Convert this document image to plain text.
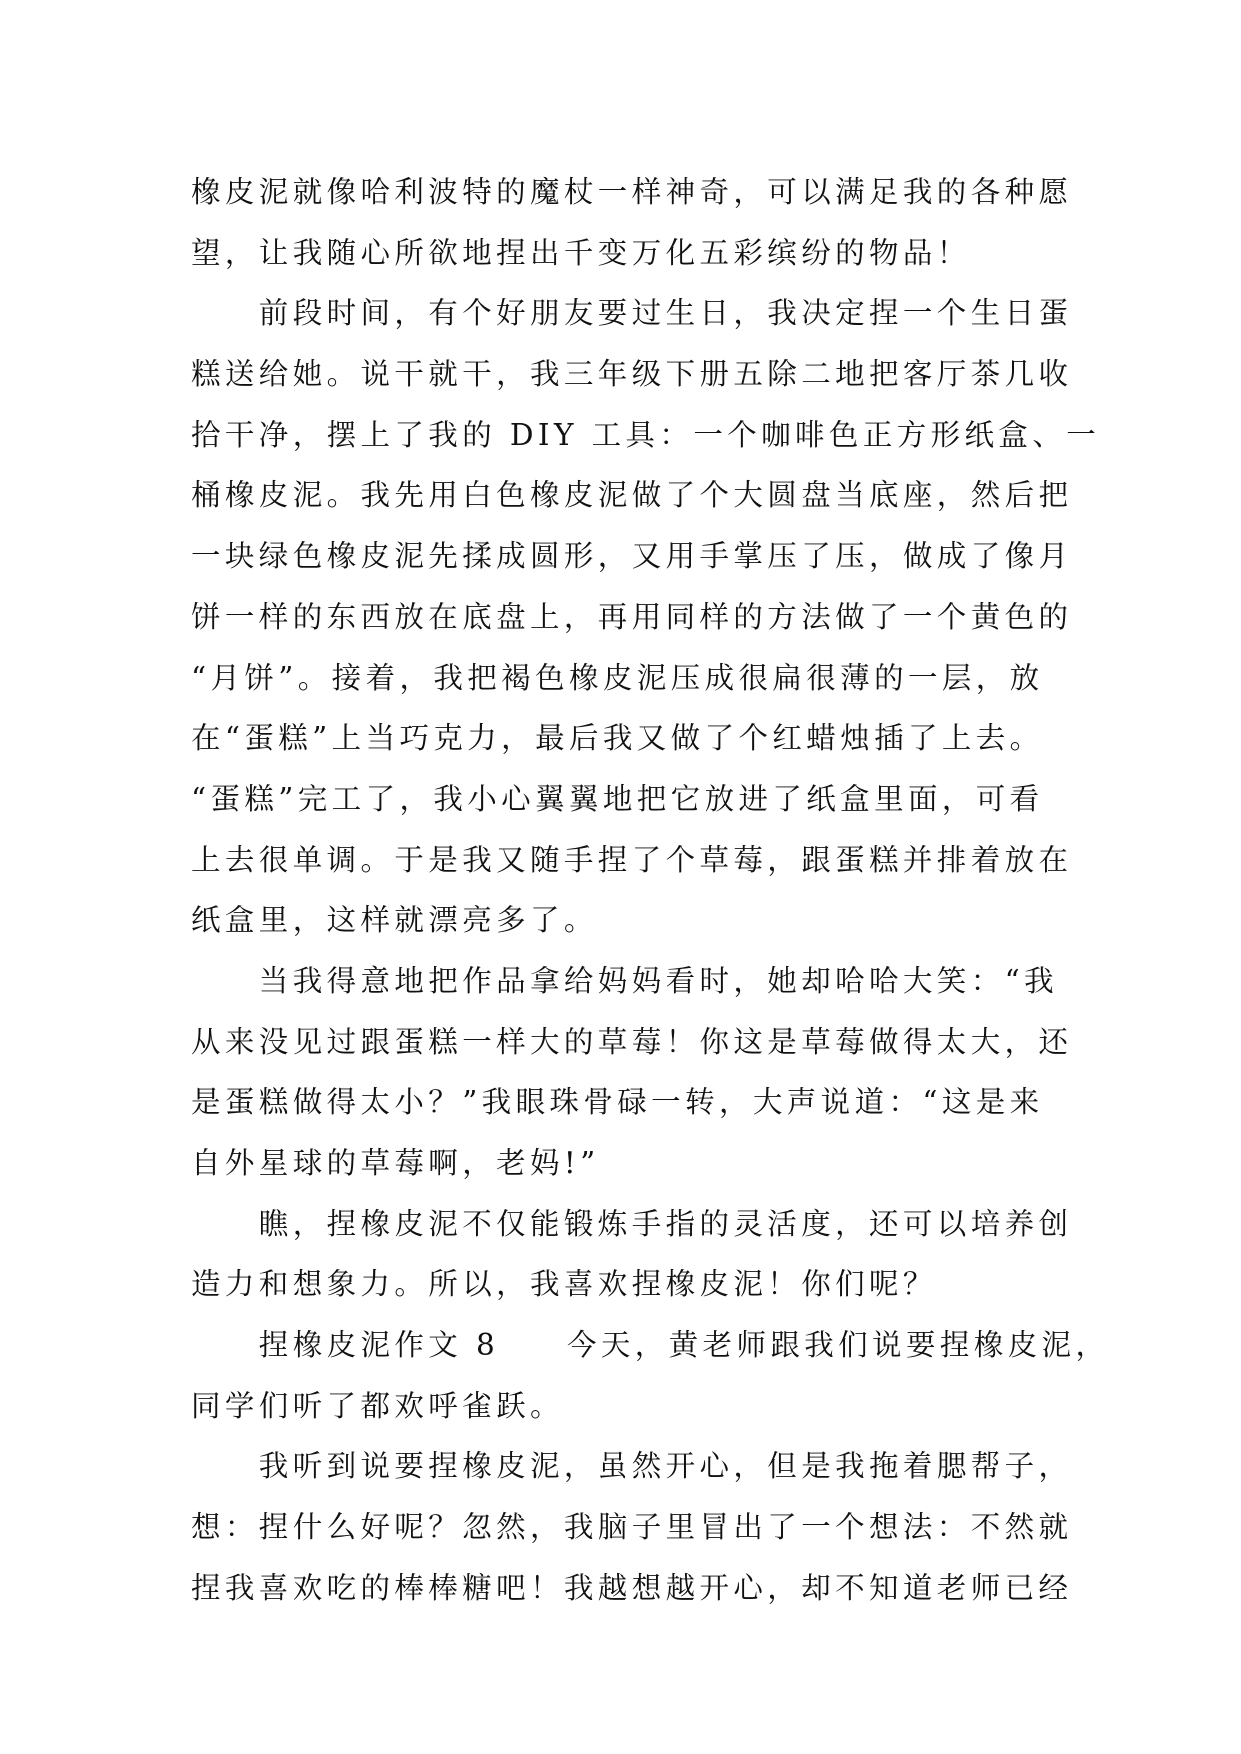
橡皮泥就像哈利波特的魔杖一样神奇，可以满足我的各种愿
望，让我随心所欲地捏出千变万化五彩缤纷的物品！
　　前段时间，有个好朋友要过生日，我决定捏一个生日蛋
糕送给她。说干就干，我三年级下册五除二地把客厅茶几收
拾干净，摆上了我的 DIY 工具：一个咖啡色正方形纸盒、一
桶橡皮泥。我先用白色橡皮泥做了个大圆盘当底座，然后把
一块绿色橡皮泥先揉成圆形，又用手掌压了压，做成了像月
饼一样的东西放在底盘上，再用同样的方法做了一个黄色的
“月饼”。接着，我把褐色橡皮泥压成很扁很薄的一层，放
在“蛋糕”上当巧克力，最后我又做了个红蜡烛插了上去。
“蛋糕”完工了，我小心翼翼地把它放进了纸盒里面，可看
上去很单调。于是我又随手捏了个草莓，跟蛋糕并排着放在
纸盒里，这样就漂亮多了。
　　当我得意地把作品拿给妈妈看时，她却哈哈大笑：“我
从来没见过跟蛋糕一样大的草莓！你这是草莓做得太大，还
是蛋糕做得太小？”我眼珠骨碌一转，大声说道：“这是来
自外星球的草莓啊，老妈!”
　　瞧，捏橡皮泥不仅能锻炼手指的灵活度，还可以培养创
造力和想象力。所以，我喜欢捏橡皮泥！你们呢？
　　捏橡皮泥作文 8　　今天，黄老师跟我们说要捏橡皮泥，
同学们听了都欢呼雀跃。
　　我听到说要捏橡皮泥，虽然开心，但是我拖着腮帮子，
想：捏什么好呢？忽然，我脑子里冒出了一个想法：不然就
捏我喜欢吃的棒棒糖吧！我越想越开心，却不知道老师已经
